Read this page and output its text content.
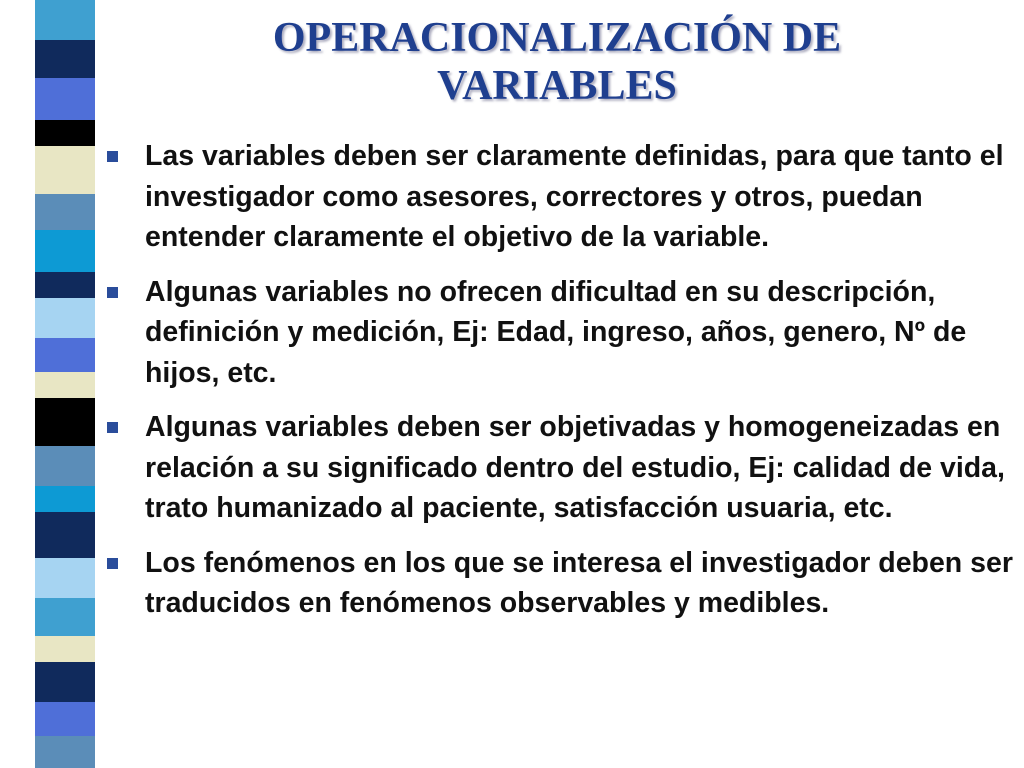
OPERACIONALIZACIÓN DE
VARIABLES
Las variables deben ser claramente definidas, para que tanto el investigador como asesores, correctores y otros, puedan entender claramente el objetivo de la variable.
Algunas variables no ofrecen dificultad en su descripción, definición y medición, Ej: Edad, ingreso, años, genero, Nº de hijos, etc.
Algunas variables deben ser objetivadas y homogeneizadas en relación a su significado dentro del estudio, Ej: calidad de vida, trato humanizado al paciente, satisfacción usuaria, etc.
Los fenómenos en los que se interesa el investigador deben ser traducidos en fenómenos observables y medibles.
